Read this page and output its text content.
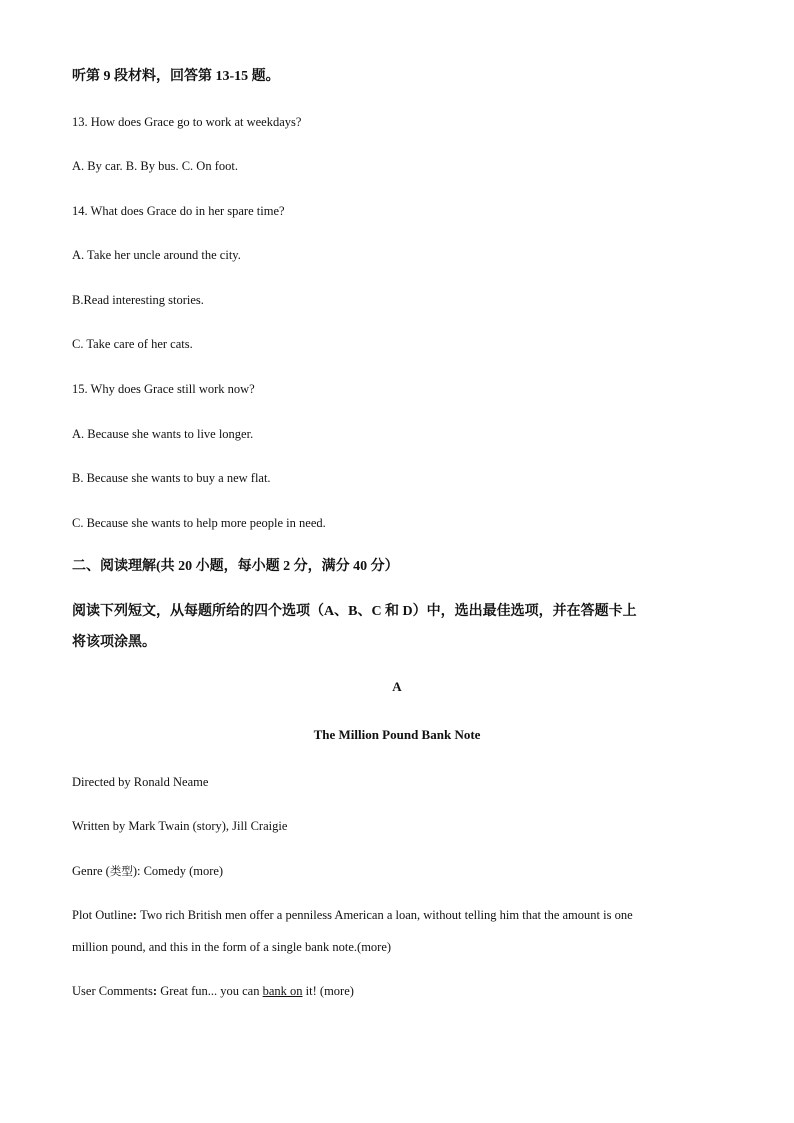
听第 9 段材料，回答第 13-15 题。
13. How does Grace go to work at weekdays?
A. By car. B. By bus. C. On foot.
14. What does Grace do in her spare time?
A. Take her uncle around the city.
B.Read interesting stories.
C. Take care of her cats.
15. Why does Grace still work now?
A. Because she wants to live longer.
B. Because she wants to buy a new flat.
C. Because she wants to help more people in need.
二、阅读理解(共 20 小题，每小题 2 分，满分 40 分）
阅读下列短文，从每题所给的四个选项（A、B、C 和 D）中，选出最佳选项，并在答题卡上
将该项涂黑。
A
The Million Pound Bank Note
Directed by Ronald Neame
Written by Mark Twain (story), Jill Craigie
Genre (类型): Comedy (more)
Plot Outline: Two rich British men offer a penniless American a loan, without telling him that the amount is one
million pound, and this in the form of a single bank note.(more)
User Comments: Great fun... you can bank on it! (more)
